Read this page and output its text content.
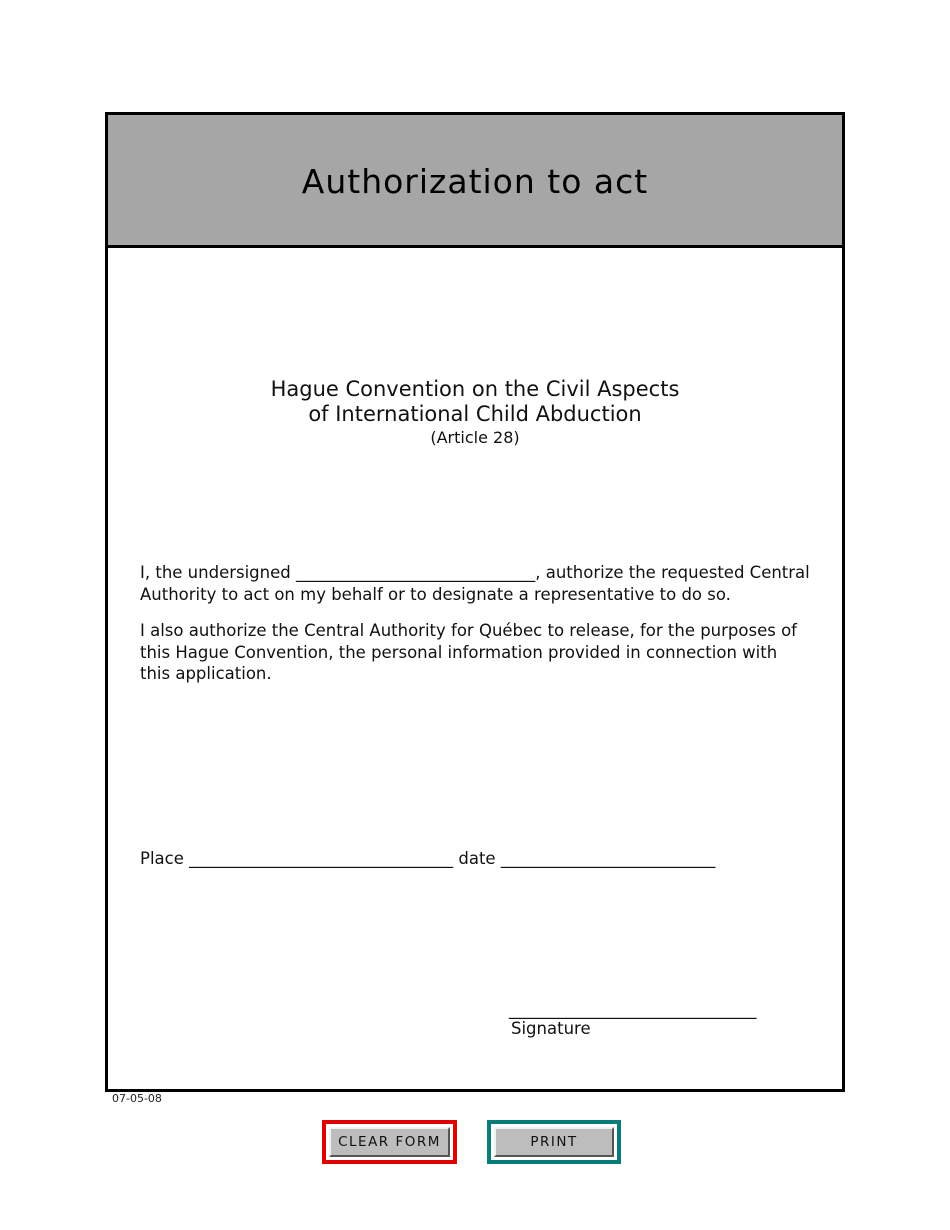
Authorization to act
Hague Convention on the Civil Aspects
of International Child Abduction
(Article 28)
I, the undersigned _____________________________, authorize the requested Central Authority to act on my behalf or to designate a representative to do so.
I also authorize the Central Authority for Québec to release, for the purposes of this Hague Convention, the personal information provided in connection with this application.
Place ________________________________ date __________________________
______________________________
Signature
07-05-08
CLEAR FORM	PRINT
